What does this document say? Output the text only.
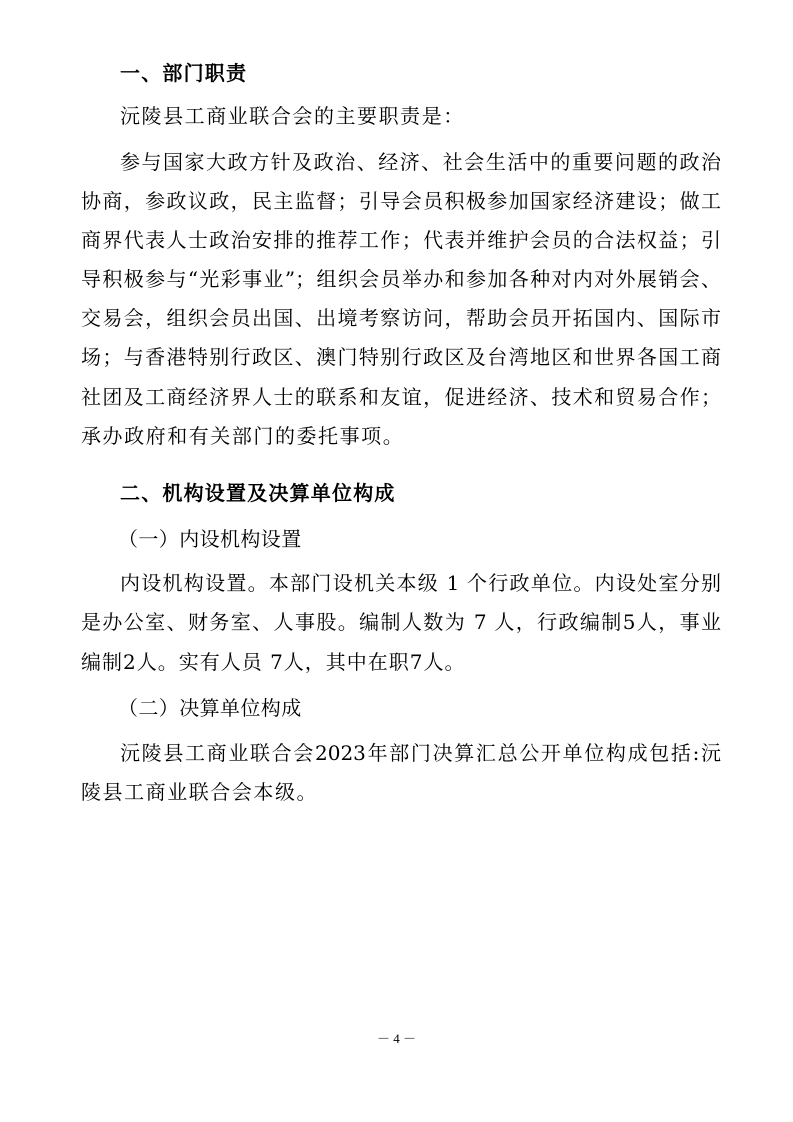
一、部门职责
沅陵县工商业联合会的主要职责是：
参与国家大政方针及政治、经济、社会生活中的重要问题的政治
协商，参政议政，民主监督；引导会员积极参加国家经济建设；做工
商界代表人士政治安排的推荐工作；代表并维护会员的合法权益；引
导积极参与“光彩事业”；组织会员举办和参加各种对内对外展销会、
交易会，组织会员出国、出境考察访问，帮助会员开拓国内、国际市
场；与香港特别行政区、澳门特别行政区及台湾地区和世界各国工商
社团及工商经济界人士的联系和友谊，促进经济、技术和贸易合作；
承办政府和有关部门的委托事项。
二、机构设置及决算单位构成
（一）内设机构设置
内设机构设置。本部门设机关本级 1 个行政单位。内设处室分别
是办公室、财务室、人事股。编制人数为 7 人，行政编制5人，事业
编制2人。实有人员 7人，其中在职7人。
（二）决算单位构成
沅陵县工商业联合会2023年部门决算汇总公开单位构成包括:沅
陵县工商业联合会本级。
－ 4 －
